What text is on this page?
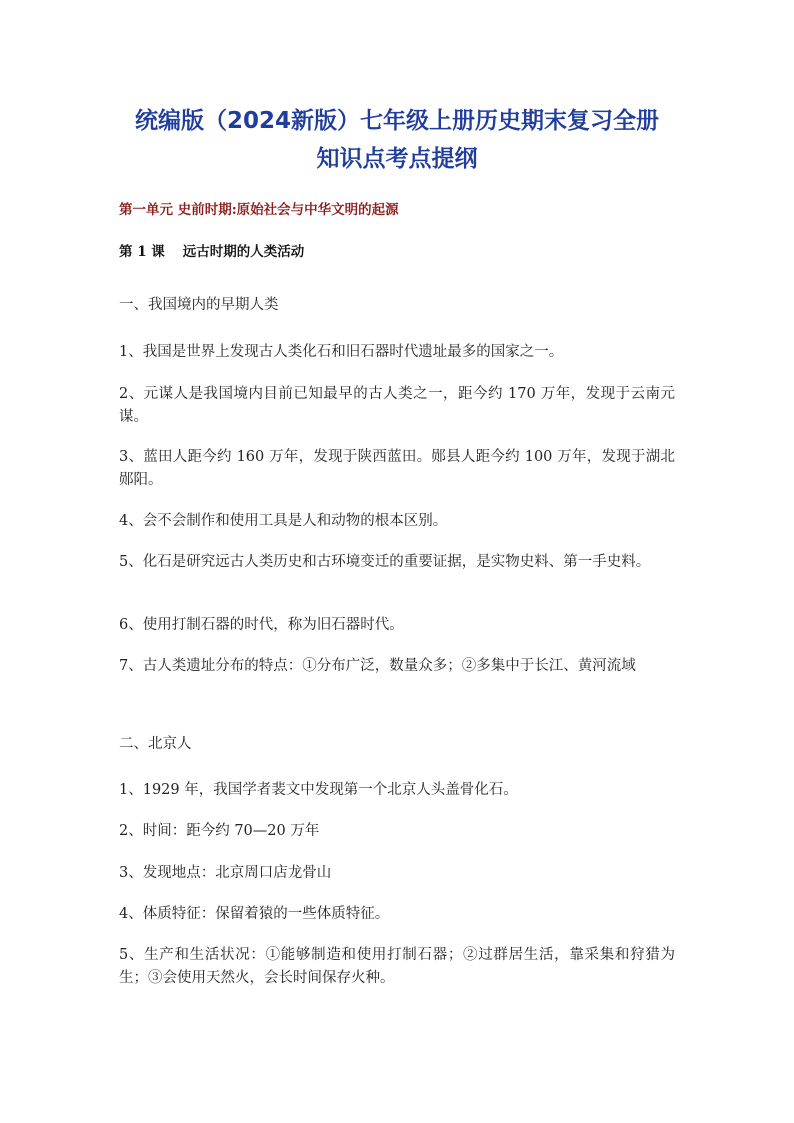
统编版（2024新版）七年级上册历史期末复习全册
知识点考点提纲
第一单元 史前时期:原始社会与中华文明的起源
第 1 课 远古时期的人类活动
一、我国境内的早期人类
1、我国是世界上发现古人类化石和旧石器时代遗址最多的国家之一。
2、元谋人是我国境内目前已知最早的古人类之一，距今约 170 万年，发现于云南元谋。
3、蓝田人距今约 160 万年，发现于陕西蓝田。郧县人距今约 100 万年，发现于湖北郧阳。
4、会不会制作和使用工具是人和动物的根本区别。
5、化石是研究远古人类历史和古环境变迁的重要证据，是实物史料、第一手史料。
6、使用打制石器的时代，称为旧石器时代。
7、古人类遗址分布的特点：①分布广泛，数量众多；②多集中于长江、黄河流域
二、北京人
1、1929 年，我国学者裴文中发现第一个北京人头盖骨化石。
2、时间：距今约 70—20 万年
3、发现地点：北京周口店龙骨山
4、体质特征：保留着猿的一些体质特征。
5、生产和生活状况：①能够制造和使用打制石器；②过群居生活，靠采集和狩猎为生；③会使用天然火，会长时间保存火种。
